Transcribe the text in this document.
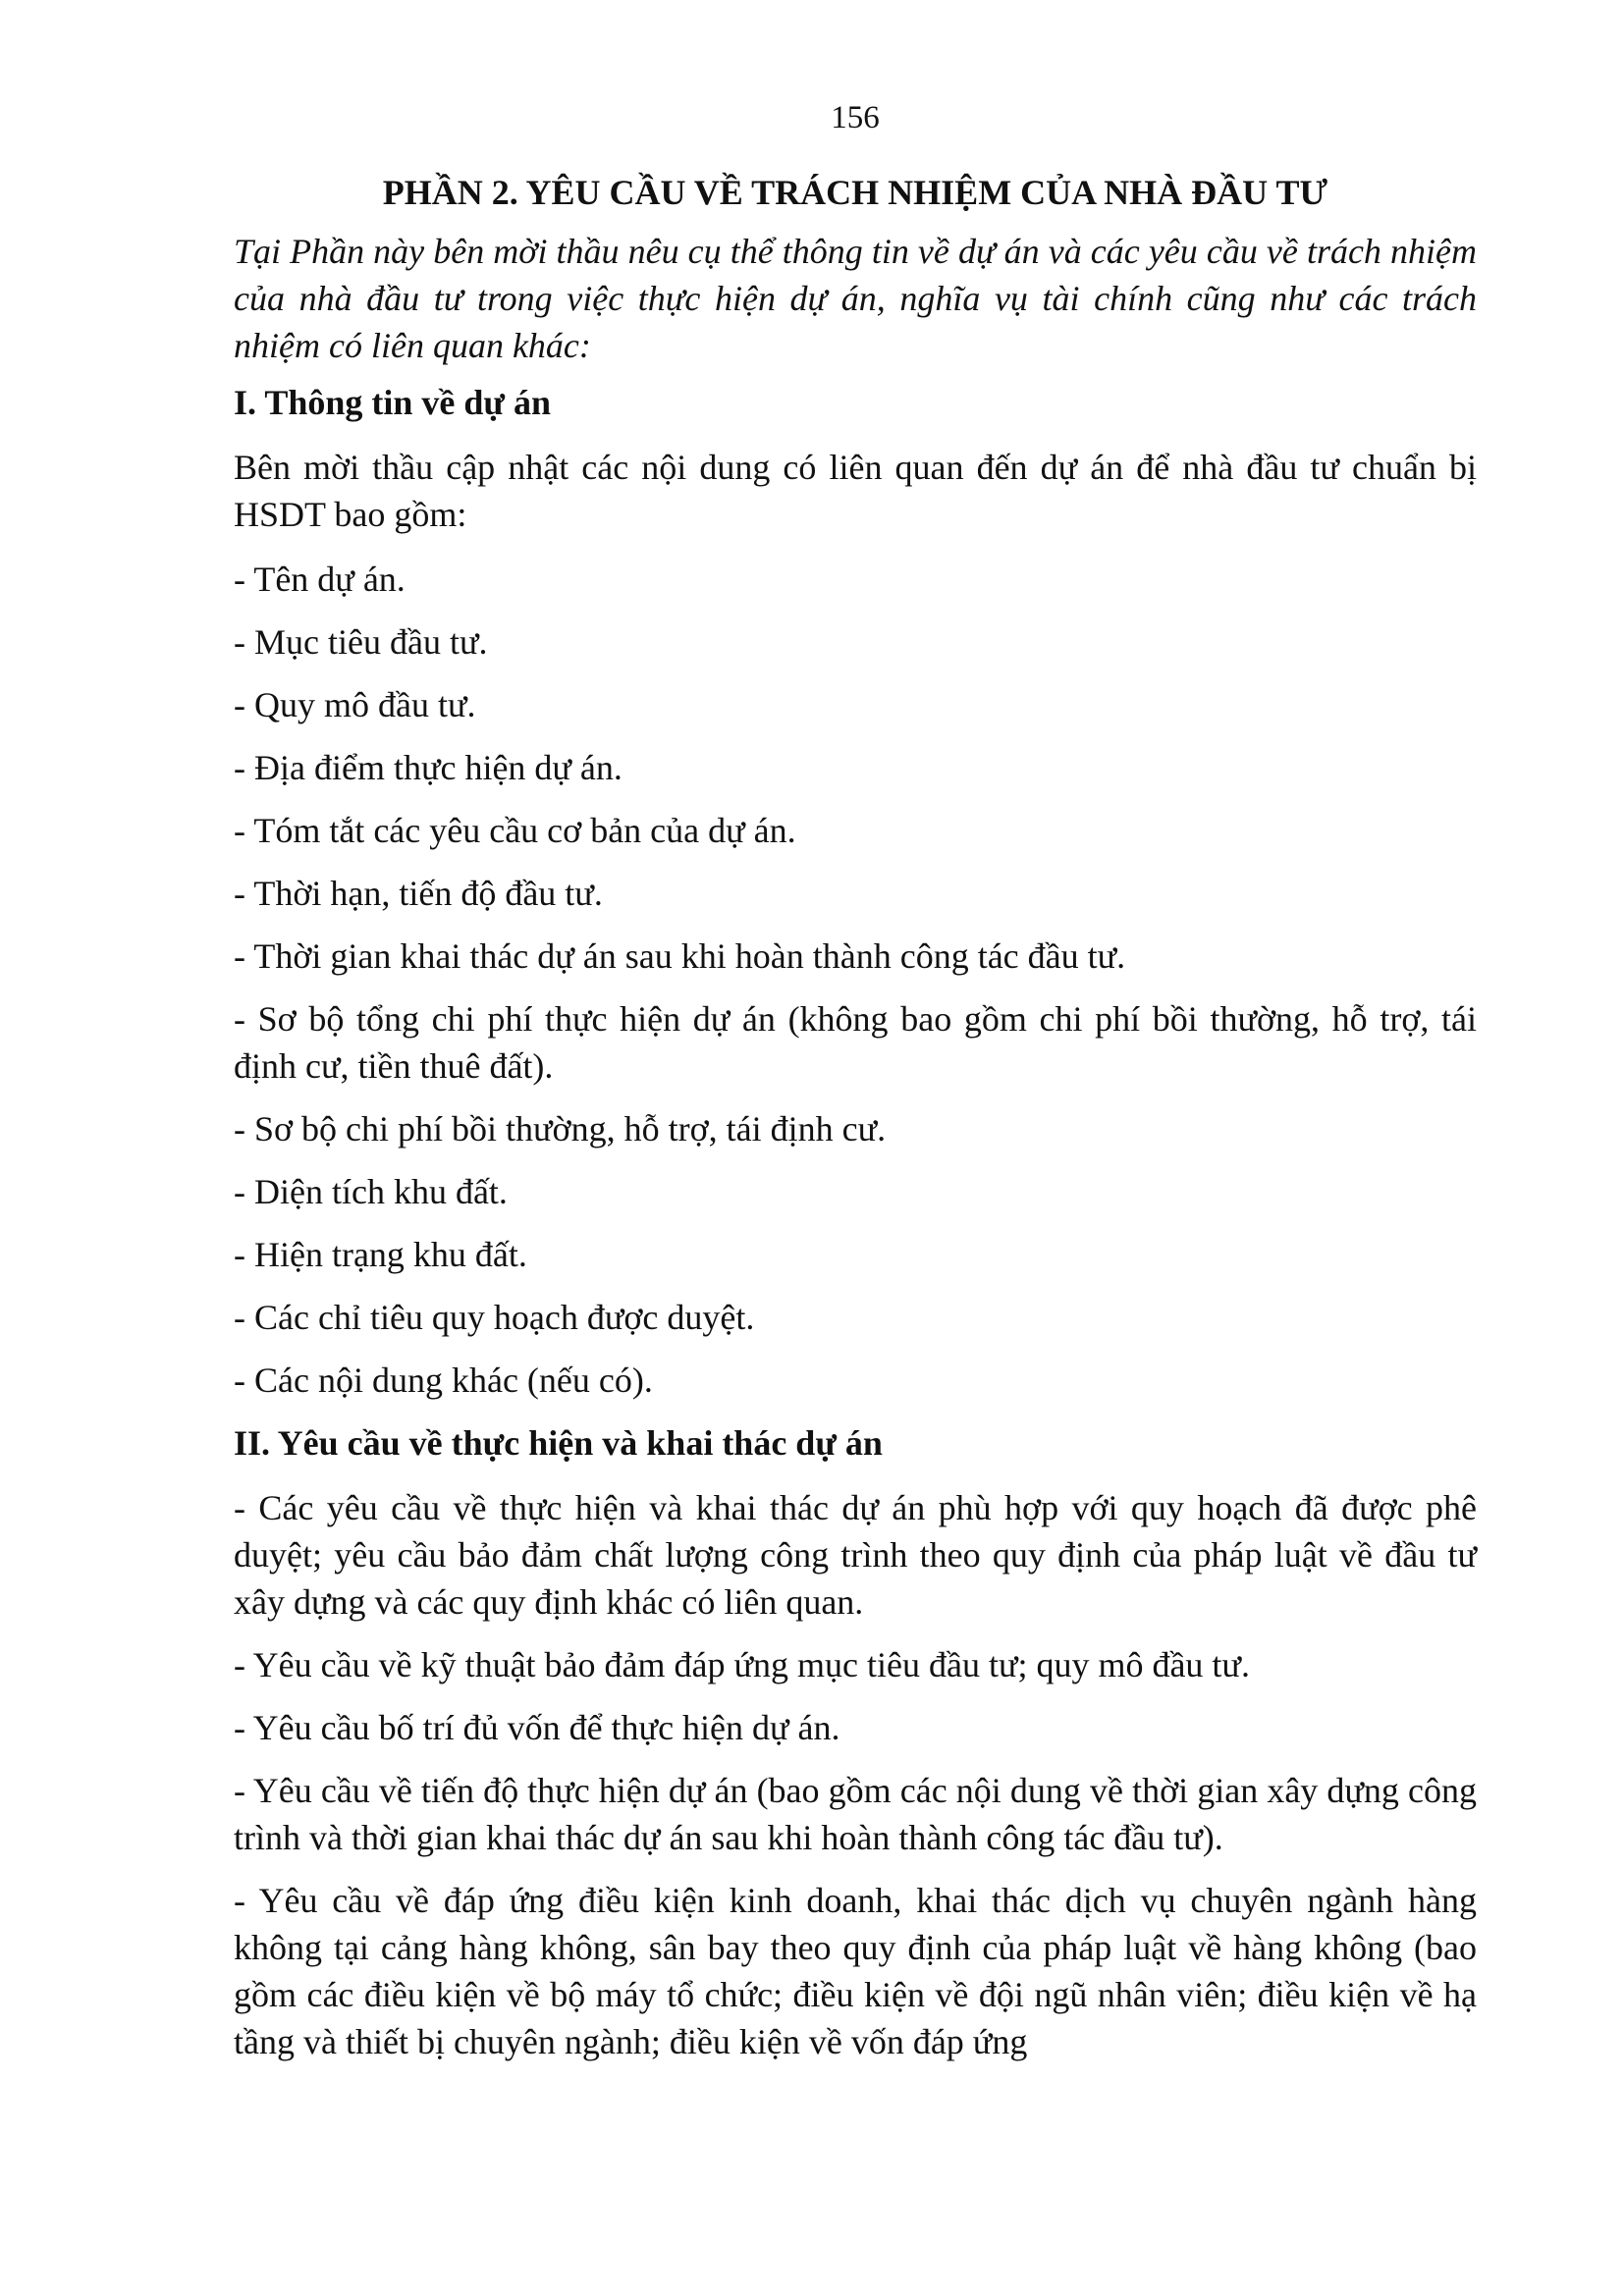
156
PHẦN 2. YÊU CẦU VỀ TRÁCH NHIỆM CỦA NHÀ ĐẦU TƯ
Tại Phần này bên mời thầu nêu cụ thể thông tin về dự án và các yêu cầu về trách nhiệm của nhà đầu tư trong việc thực hiện dự án, nghĩa vụ tài chính cũng như các trách nhiệm có liên quan khác:
I. Thông tin về dự án
Bên mời thầu cập nhật các nội dung có liên quan đến dự án để nhà đầu tư chuẩn bị HSDT bao gồm:
- Tên dự án.
- Mục tiêu đầu tư.
- Quy mô đầu tư.
- Địa điểm thực hiện dự án.
- Tóm tắt các yêu cầu cơ bản của dự án.
- Thời hạn, tiến độ đầu tư.
- Thời gian khai thác dự án sau khi hoàn thành công tác đầu tư.
- Sơ bộ tổng chi phí thực hiện dự án (không bao gồm chi phí bồi thường, hỗ trợ, tái định cư, tiền thuê đất).
- Sơ bộ chi phí bồi thường, hỗ trợ, tái định cư.
- Diện tích khu đất.
- Hiện trạng khu đất.
- Các chỉ tiêu quy hoạch được duyệt.
- Các nội dung khác (nếu có).
II. Yêu cầu về thực hiện và khai thác dự án
- Các yêu cầu về thực hiện và khai thác dự án phù hợp với quy hoạch đã được phê duyệt; yêu cầu bảo đảm chất lượng công trình theo quy định của pháp luật về đầu tư xây dựng và các quy định khác có liên quan.
- Yêu cầu về kỹ thuật bảo đảm đáp ứng mục tiêu đầu tư; quy mô đầu tư.
- Yêu cầu bố trí đủ vốn để thực hiện dự án.
- Yêu cầu về tiến độ thực hiện dự án (bao gồm các nội dung về thời gian xây dựng công trình và thời gian khai thác dự án sau khi hoàn thành công tác đầu tư).
- Yêu cầu về đáp ứng điều kiện kinh doanh, khai thác dịch vụ chuyên ngành hàng không tại cảng hàng không, sân bay theo quy định của pháp luật về hàng không (bao gồm các điều kiện về bộ máy tổ chức; điều kiện về đội ngũ nhân viên; điều kiện về hạ tầng và thiết bị chuyên ngành; điều kiện về vốn đáp ứng
